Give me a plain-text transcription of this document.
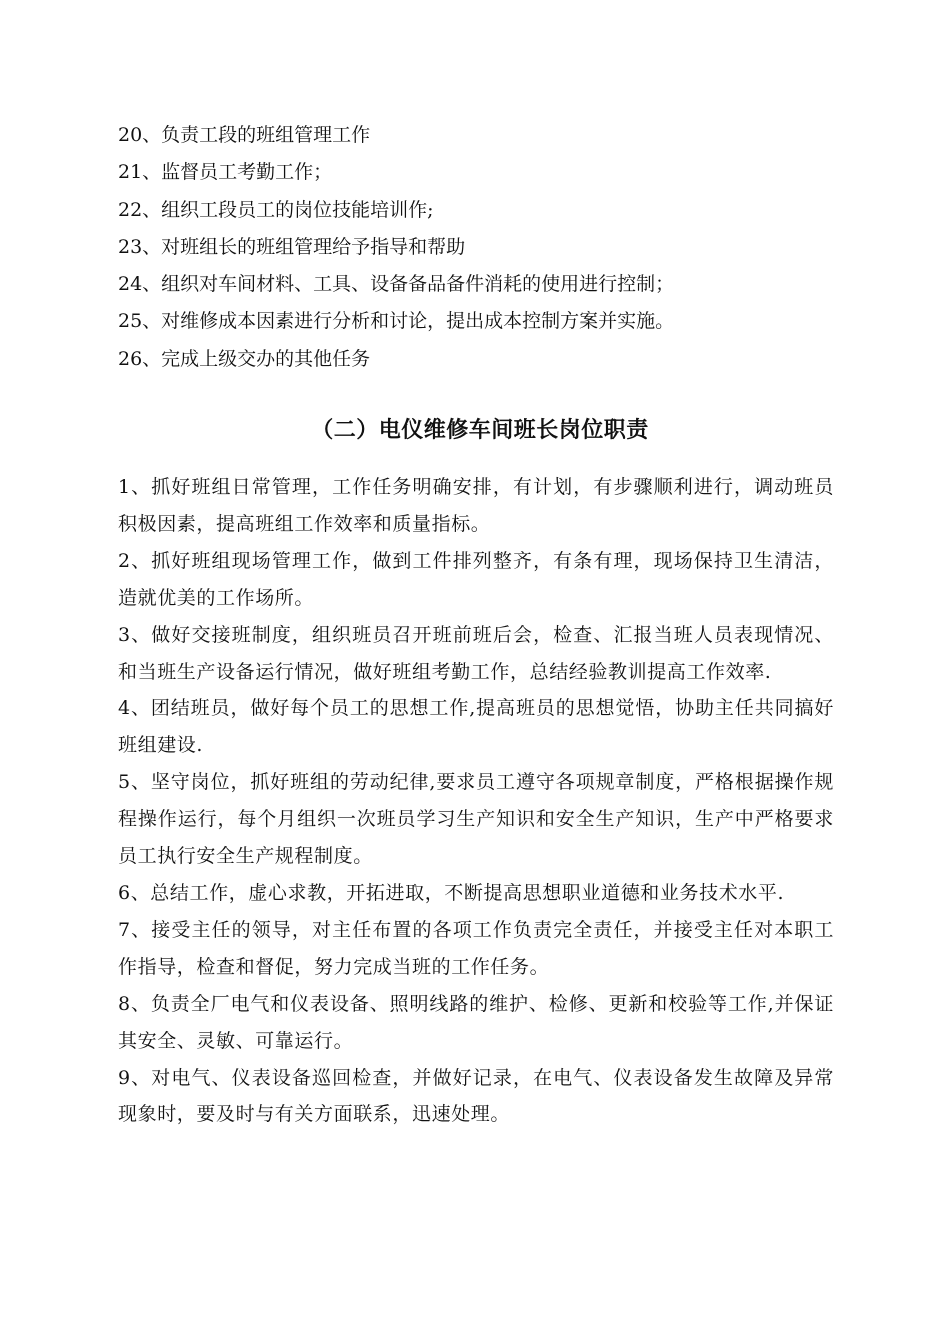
20、负责工段的班组管理工作
21、监督员工考勤工作；
22、组织工段员工的岗位技能培训作;
23、对班组长的班组管理给予指导和帮助
24、组织对车间材料、工具、设备备品备件消耗的使用进行控制；
25、对维修成本因素进行分析和讨论，提出成本控制方案并实施。
26、完成上级交办的其他任务
（二）电仪维修车间班长岗位职责
1、抓好班组日常管理，工作任务明确安排，有计划，有步骤顺利进行，调动班员积极因素，提高班组工作效率和质量指标。
2、抓好班组现场管理工作，做到工件排列整齐，有条有理，现场保持卫生清洁，造就优美的工作场所。
3、做好交接班制度，组织班员召开班前班后会，检查、汇报当班人员表现情况、和当班生产设备运行情况，做好班组考勤工作，总结经验教训提高工作效率.
4、团结班员，做好每个员工的思想工作,提高班员的思想觉悟，协助主任共同搞好班组建设.
5、坚守岗位，抓好班组的劳动纪律,要求员工遵守各项规章制度，严格根据操作规程操作运行，每个月组织一次班员学习生产知识和安全生产知识，生产中严格要求员工执行安全生产规程制度。
6、总结工作，虚心求教，开拓进取，不断提高思想职业道德和业务技术水平.
7、接受主任的领导，对主任布置的各项工作负责完全责任，并接受主任对本职工作指导，检查和督促，努力完成当班的工作任务。
8、负责全厂电气和仪表设备、照明线路的维护、检修、更新和校验等工作,并保证其安全、灵敏、可靠运行。
9、对电气、仪表设备巡回检查，并做好记录，在电气、仪表设备发生故障及异常现象时，要及时与有关方面联系，迅速处理。
